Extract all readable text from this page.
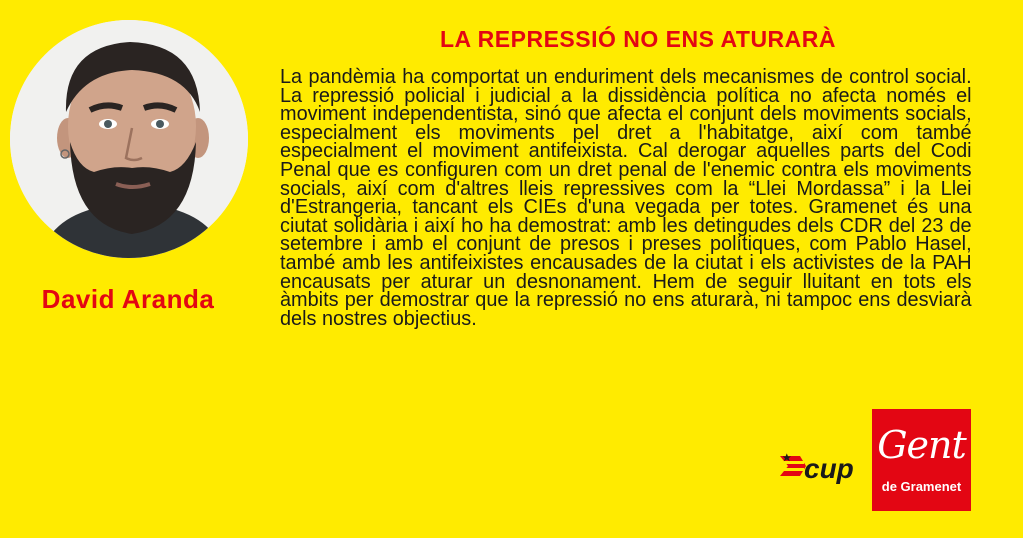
David Aranda
LA REPRESSIÓ NO ENS ATURARÀ

La pandèmia ha comportat un enduriment dels mecanismes de control social. La repressió policial i judicial a la dissidència política no afecta només el moviment independentista, sinó que afecta el conjunt dels moviments socials, especialment els moviments pel dret a l'habitatge, així com també especialment el moviment antifeixista. Cal derogar aquelles parts del Codi Penal que es configuren com un dret penal de l'enemic contra els moviments socials, així com d'altres lleis repressives com la “Llei Mordassa” i la Llei d'Estrangeria, tancant els CIEs d'una vegada per totes. Gramenet és una ciutat solidària i així ho ha demostrat: amb les detingudes dels CDR del 23 de setembre i amb el conjunt de presos i preses polítiques, com Pablo Hasel, també amb les antifeixistes encausades de la ciutat i els activistes de la PAH encausats per aturar un desnonament. Hem de seguir lluitant en tots els àmbits per demostrar que la repressió no ens aturarà, ni tampoc ens desviarà dels nostres objectius.

cup
Gent
de Gramenet
